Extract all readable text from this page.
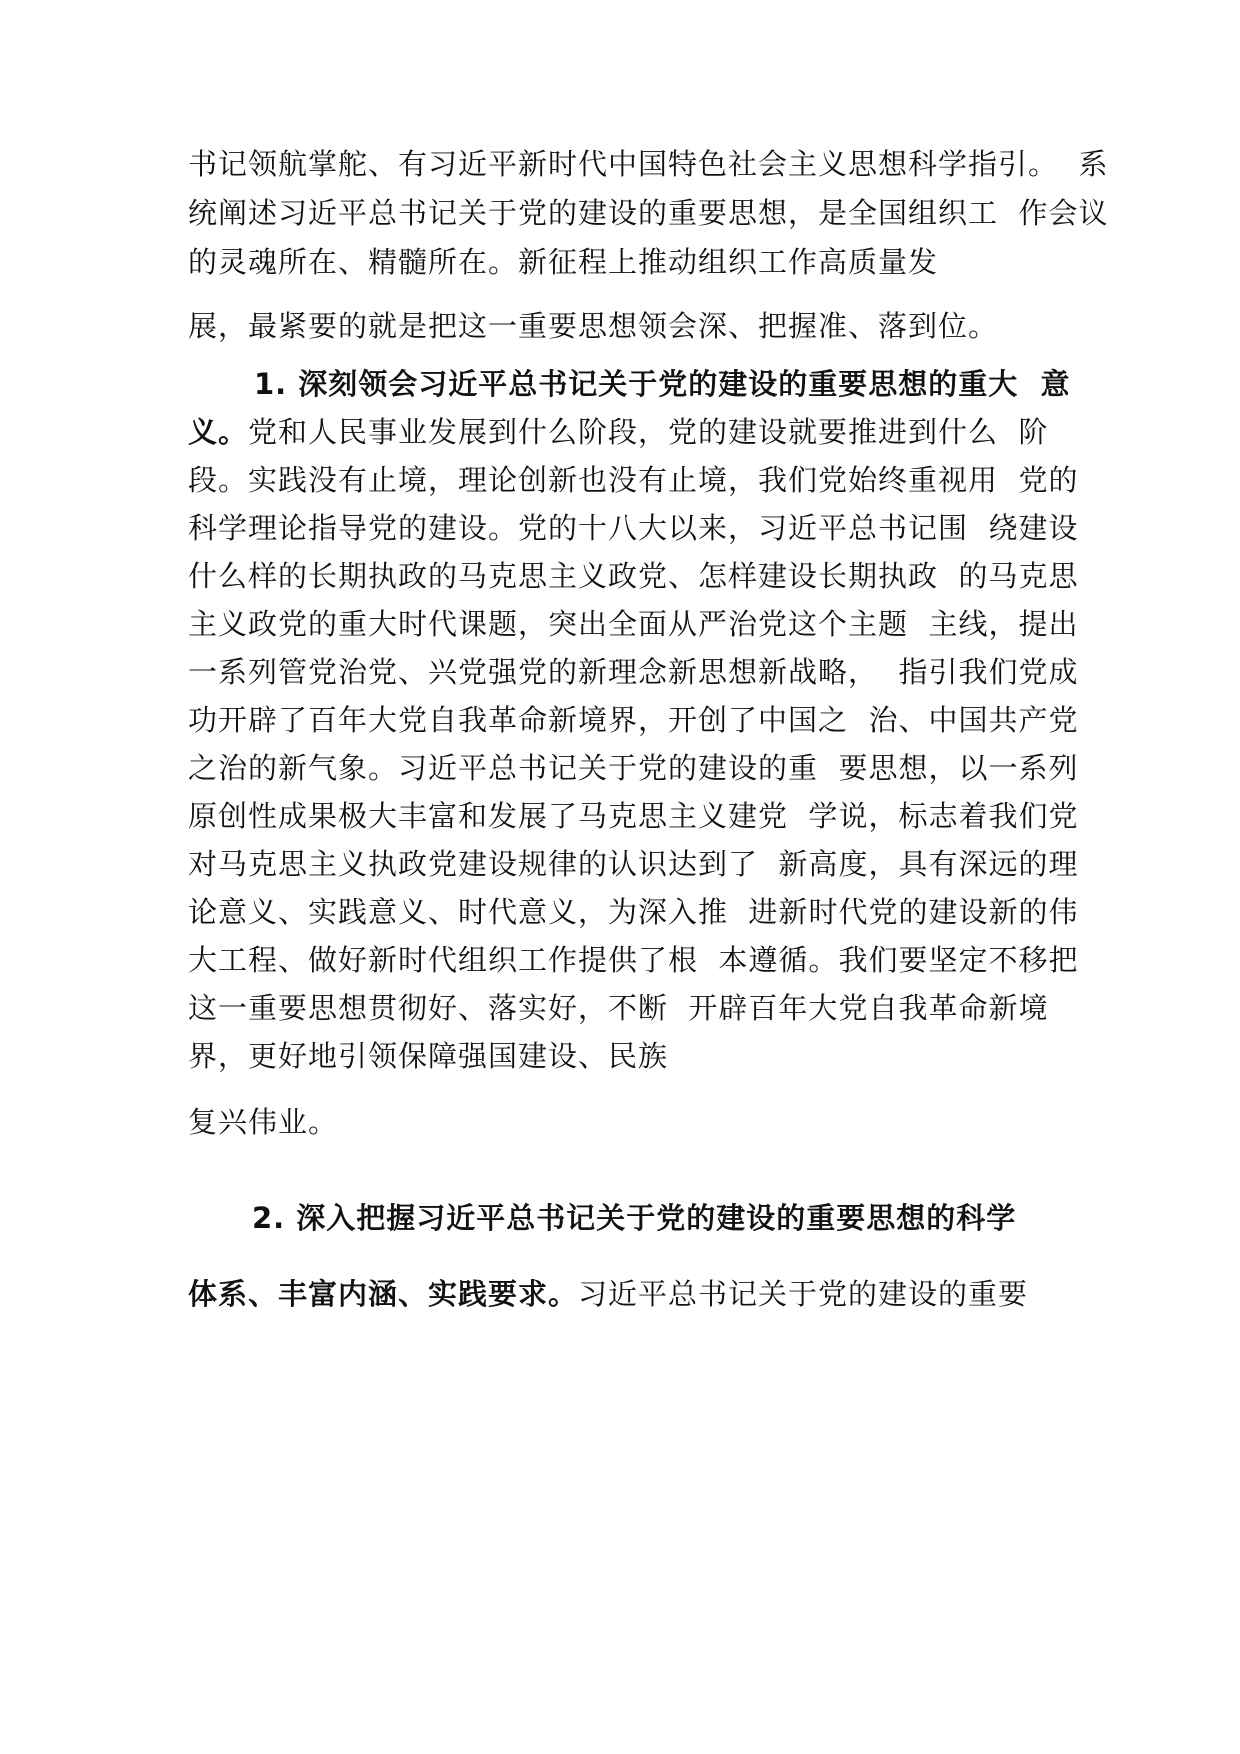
书记领航掌舵、有习近平新时代中国特色社会主义思想科学指引。  系
统阐述习近平总书记关于党的建设的重要思想，是全国组织工  作会议
的灵魂所在、精髓所在。新征程上推动组织工作高质量发
展，最紧要的就是把这一重要思想领会深、把握准、落到位。
1. 深刻领会习近平总书记关于党的建设的重要思想的重大  意
义。党和人民事业发展到什么阶段，党的建设就要推进到什么  阶
段。实践没有止境，理论创新也没有止境，我们党始终重视用  党的
科学理论指导党的建设。党的十八大以来，习近平总书记围  绕建设
什么样的长期执政的马克思主义政党、怎样建设长期执政  的马克思
主义政党的重大时代课题，突出全面从严治党这个主题  主线，提出
一系列管党治党、兴党强党的新理念新思想新战略，  指引我们党成
功开辟了百年大党自我革命新境界，开创了中国之  治、中国共产党
之治的新气象。习近平总书记关于党的建设的重  要思想，以一系列
原创性成果极大丰富和发展了马克思主义建党  学说，标志着我们党
对马克思主义执政党建设规律的认识达到了  新高度，具有深远的理
论意义、实践意义、时代意义，为深入推  进新时代党的建设新的伟
大工程、做好新时代组织工作提供了根  本遵循。我们要坚定不移把
这一重要思想贯彻好、落实好，不断  开辟百年大党自我革命新境
界，更好地引领保障强国建设、民族
复兴伟业。
2. 深入把握习近平总书记关于党的建设的重要思想的科学
体系、丰富内涵、实践要求。习近平总书记关于党的建设的重要
